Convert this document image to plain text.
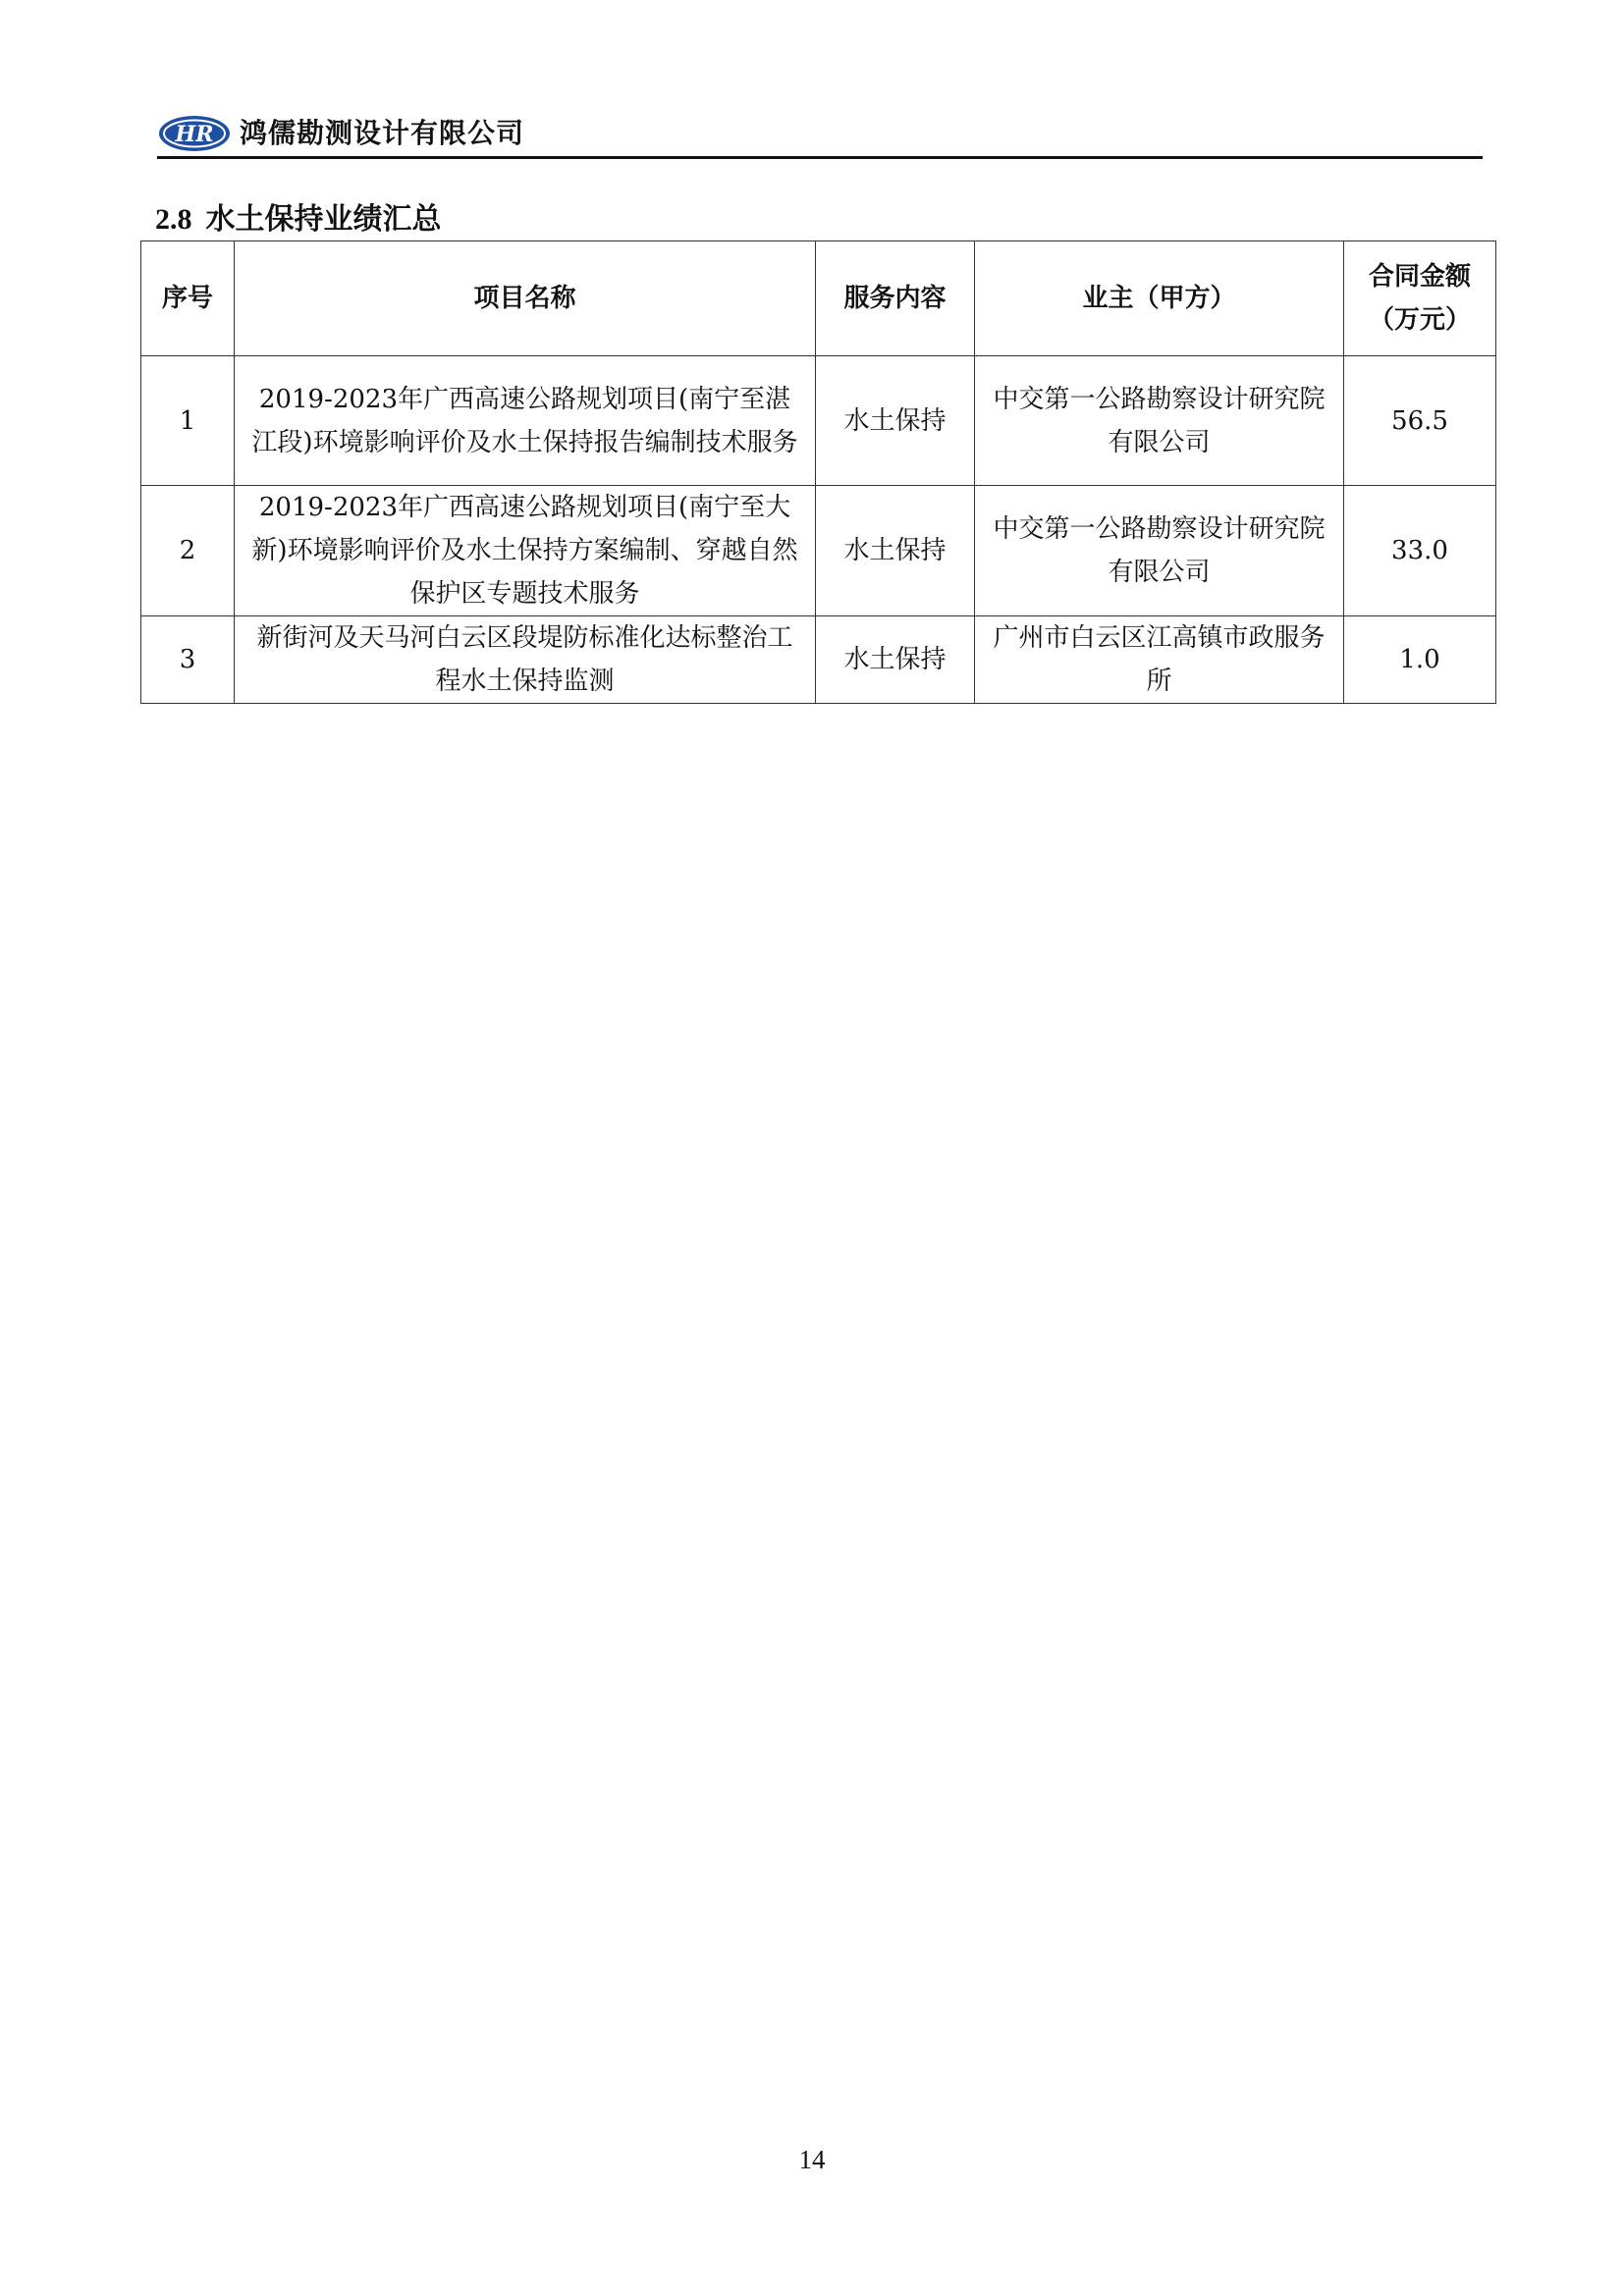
HR 鸿儒勘测设计有限公司
2.8 水土保持业绩汇总
序号	项目名称	服务内容	业主（甲方）	合同金额（万元）
1	2019-2023年广西高速公路规划项目(南宁至湛江段)环境影响评价及水土保持报告编制技术服务	水土保持	中交第一公路勘察设计研究院有限公司	56.5
2	2019-2023年广西高速公路规划项目(南宁至大新)环境影响评价及水土保持方案编制、穿越自然保护区专题技术服务	水土保持	中交第一公路勘察设计研究院有限公司	33.0
3	新街河及天马河白云区段堤防标准化达标整治工程水土保持监测	水土保持	广州市白云区江高镇市政服务所	1.0
14
